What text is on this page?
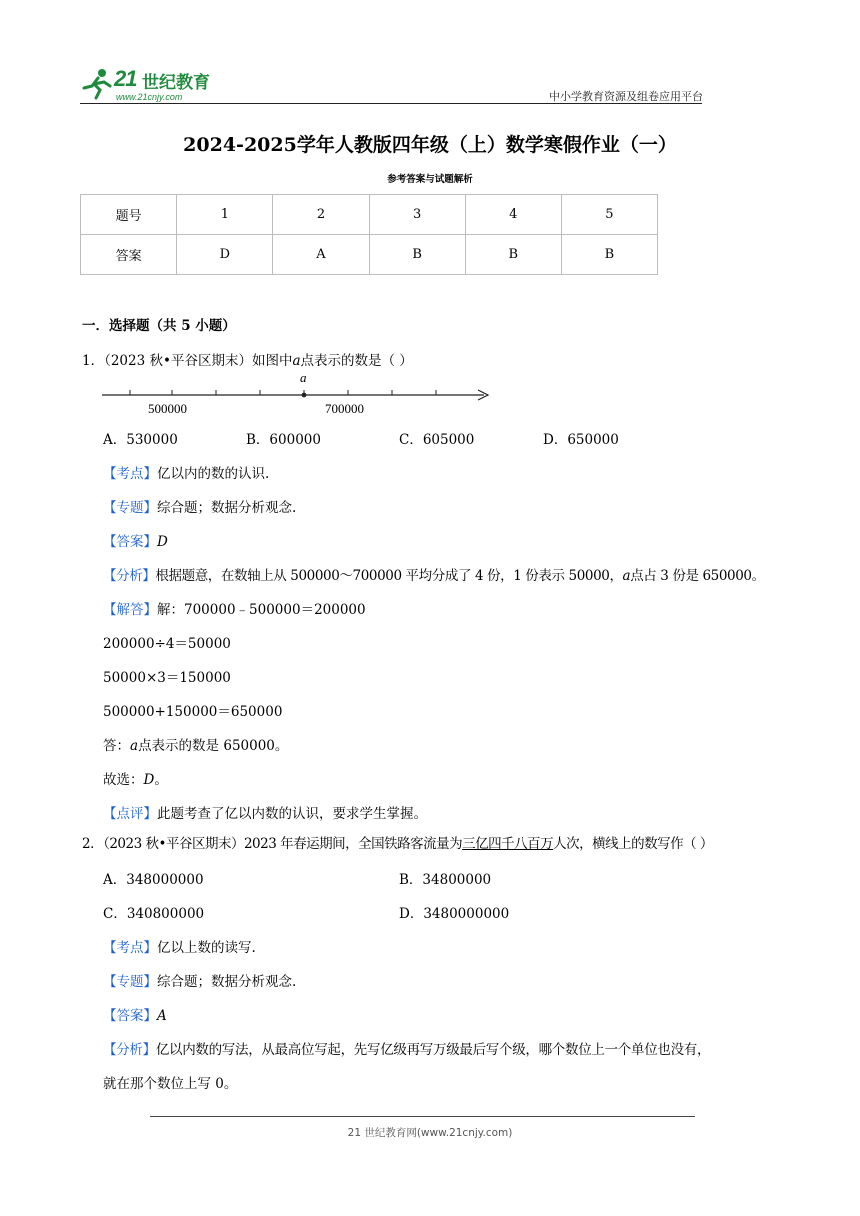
21 世纪教育
www.21cnjy.com	中小学教育资源及组卷应用平台
2024-2025学年人教版四年级（上）数学寒假作业（一）
参考答案与试题解析
题号	1	2	3	4	5
答案	D	A	B	B	B
一．选择题（共 5 小题）
1．（2023 秋•平谷区期末）如图中a点表示的数是（ ）
a
500000	700000
A．530000	B．600000	C．605000	D．650000
【考点】亿以内的数的认识.
【专题】综合题；数据分析观念.
【答案】D
【分析】根据题意，在数轴上从 500000～700000 平均分成了 4 份，1 份表示 50000，a点占 3 份是 650000。
【解答】解：700000﹣500000＝200000
200000÷4＝50000
50000×3＝150000
500000+150000＝650000
答：a点表示的数是 650000。
故选：D。
【点评】此题考查了亿以内数的认识，要求学生掌握。
2．（2023 秋•平谷区期末）2023 年春运期间，全国铁路客流量为三亿四千八百万人次，横线上的数写作（ ）
A．348000000	B．34800000
C．340800000	D．3480000000
【考点】亿以上数的读写.
【专题】综合题；数据分析观念.
【答案】A
【分析】亿以内数的写法，从最高位写起，先写亿级再写万级最后写个级，哪个数位上一个单位也没有，
就在那个数位上写 0。
21 世纪教育网(www.21cnjy.com)
